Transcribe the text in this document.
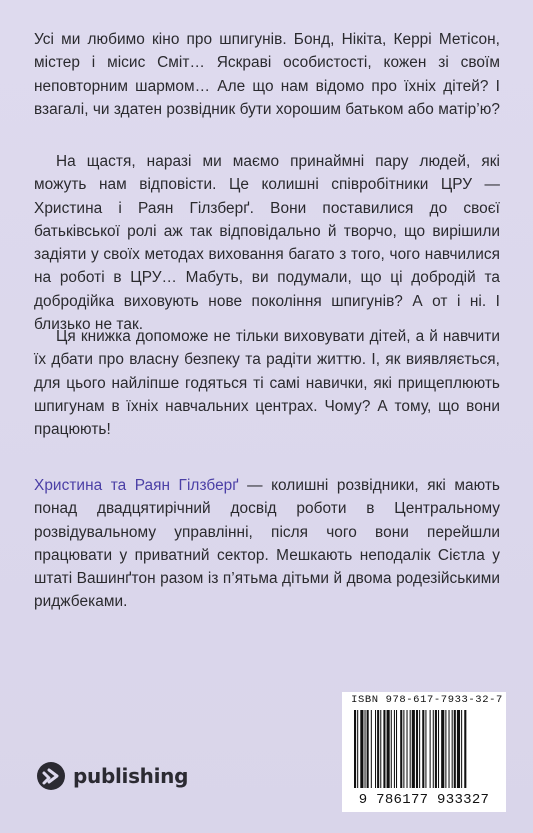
Усі ми любимо кіно про шпигунів. Бонд, Нікіта, Керрі Метісон, містер і місис Сміт… Яскраві особистості, кожен зі своїм неповторним шармом… Але що нам відомо про їхніх дітей? І взагалі, чи здатен розвідник бути хорошим батьком або матір’ю?

На щастя, наразі ми маємо принаймні пару людей, які можуть нам відповісти. Це колишні співробітники ЦРУ — Христина і Раян Гілзберґ. Вони поставилися до своєї батьківської ролі аж так відповідально й творчо, що вирішили задіяти у своїх методах виховання багато з того, чого навчилися на роботі в ЦРУ… Мабуть, ви подумали, що ці добродій та добродійка виховують нове покоління шпигунів? А от і ні. І близько не так.

Ця книжка допоможе не тільки виховувати дітей, а й навчити їх дбати про власну безпеку та радіти життю. І, як виявляється, для цього найліпше годяться ті самі навички, які прищеплюють шпигунам в їхніх навчальних центрах. Чому? А тому, що вони працюють!

Христина та Раян Гілзберґ — колишні розвідники, які мають понад двадцятирічний досвід роботи в Центральному розвідувальному управлінні, після чого вони перейшли працювати у приватний сектор. Мешкають неподалік Сієтла у штаті Вашинґтон разом із п’ятьма дітьми й двома родезійськими риджбеками.

publishing
ISBN 978-617-7933-32-7
9 786177 933327
